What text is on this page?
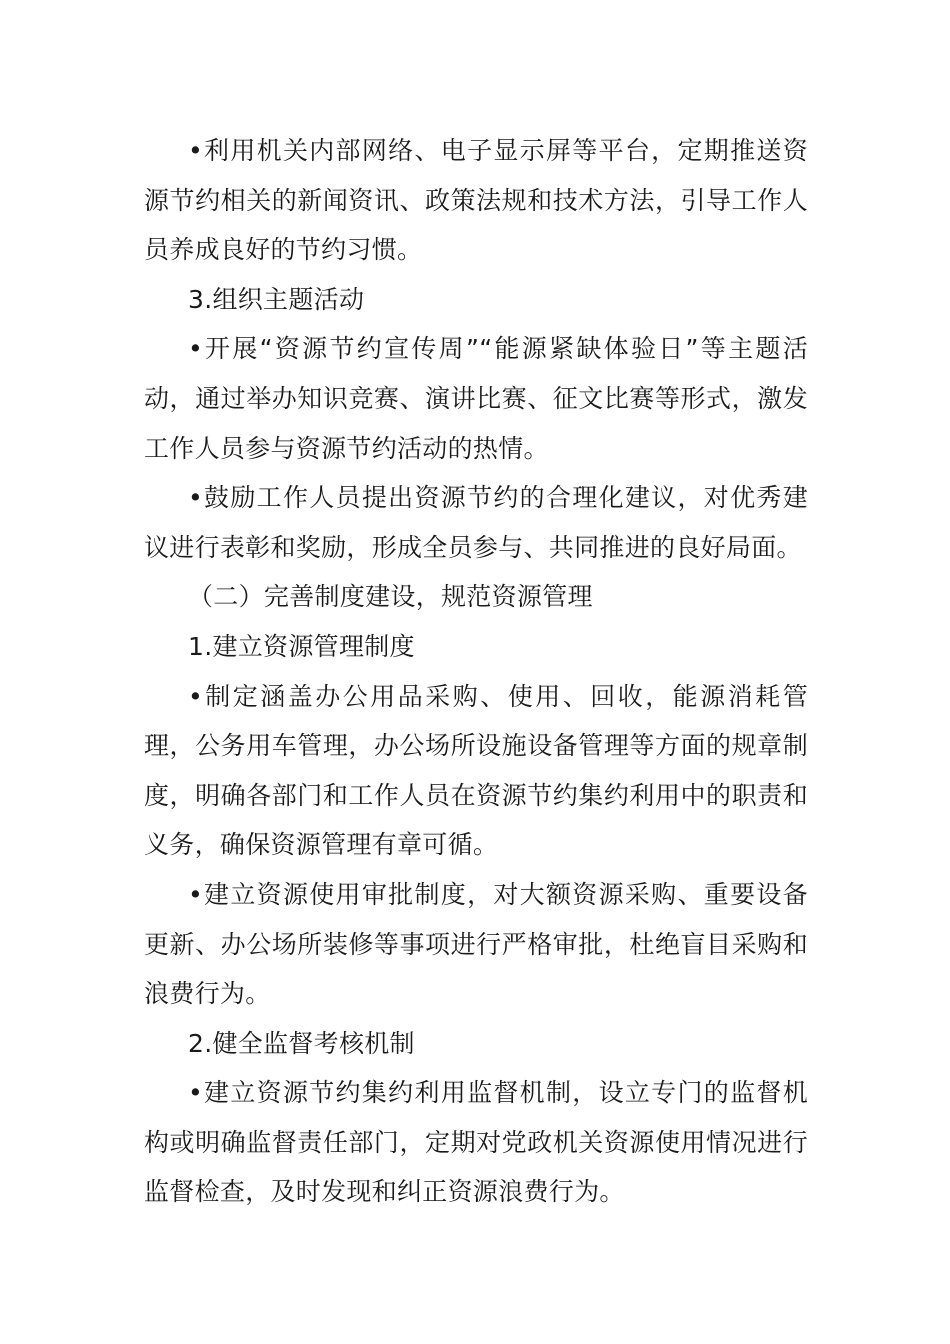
•利用机关内部网络、电子显示屏等平台，定期推送资源节约相关的新闻资讯、政策法规和技术方法，引导工作人员养成良好的节约习惯。

3.组织主题活动

•开展“资源节约宣传周”“能源紧缺体验日”等主题活动，通过举办知识竞赛、演讲比赛、征文比赛等形式，激发工作人员参与资源节约活动的热情。

•鼓励工作人员提出资源节约的合理化建议，对优秀建议进行表彰和奖励，形成全员参与、共同推进的良好局面。

（二）完善制度建设，规范资源管理

1.建立资源管理制度

•制定涵盖办公用品采购、使用、回收，能源消耗管理，公务用车管理，办公场所设施设备管理等方面的规章制度，明确各部门和工作人员在资源节约集约利用中的职责和义务，确保资源管理有章可循。

•建立资源使用审批制度，对大额资源采购、重要设备更新、办公场所装修等事项进行严格审批，杜绝盲目采购和浪费行为。

2.健全监督考核机制

•建立资源节约集约利用监督机制，设立专门的监督机构或明确监督责任部门，定期对党政机关资源使用情况进行监督检查，及时发现和纠正资源浪费行为。
